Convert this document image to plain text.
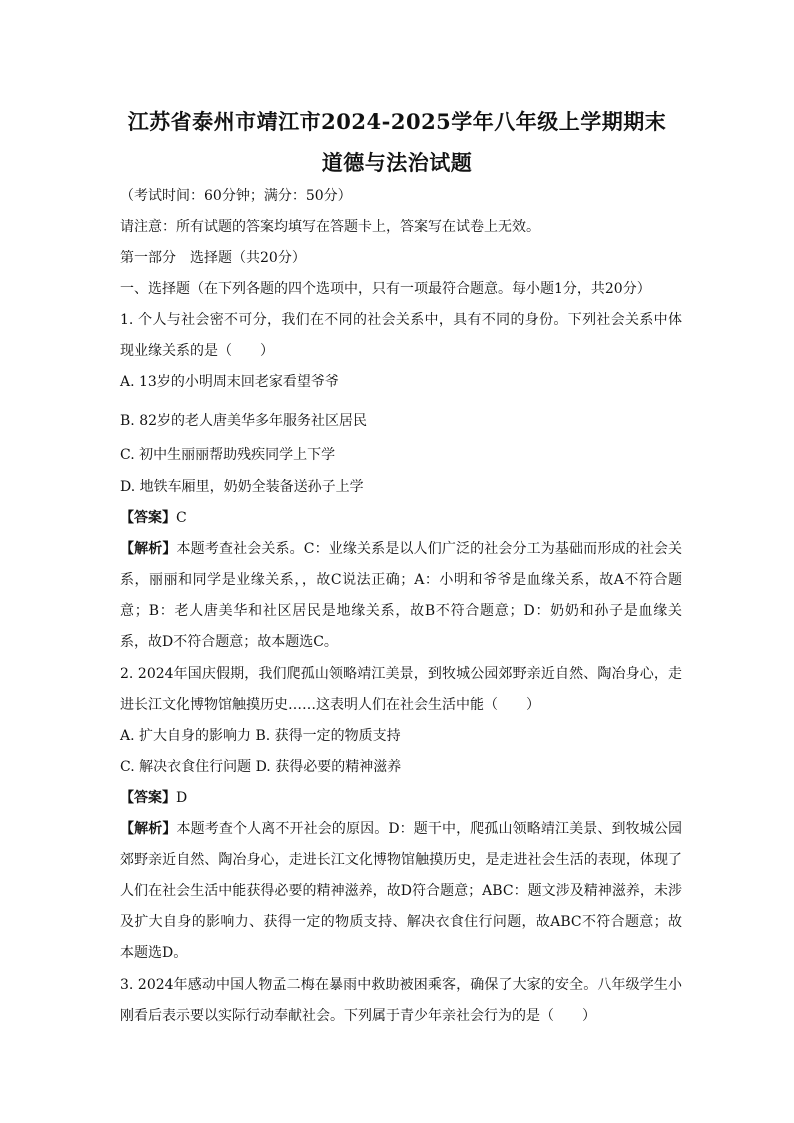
江苏省泰州市靖江市2024-2025学年八年级上学期期末
道德与法治试题
（考试时间：60分钟；满分：50分）
请注意：所有试题的答案均填写在答题卡上，答案写在试卷上无效。
第一部分　选择题（共20分）
一、选择题（在下列各题的四个选项中，只有一项最符合题意。每小题1分，共20分）
1. 个人与社会密不可分，我们在不同的社会关系中，具有不同的身份。下列社会关系中体现业缘关系的是（　　）
A. 13岁的小明周末回老家看望爷爷
B. 82岁的老人唐美华多年服务社区居民
C. 初中生丽丽帮助残疾同学上下学
D. 地铁车厢里，奶奶全装备送孙子上学
【答案】C
【解析】本题考查社会关系。C：业缘关系是以人们广泛的社会分工为基础而形成的社会关系，丽丽和同学是业缘关系，，故C说法正确；A：小明和爷爷是血缘关系，故A不符合题意；B：老人唐美华和社区居民是地缘关系，故B不符合题意；D：奶奶和孙子是血缘关系，故D不符合题意；故本题选C。
2. 2024年国庆假期，我们爬孤山领略靖江美景，到牧城公园郊野亲近自然、陶冶身心，走进长江文化博物馆触摸历史……这表明人们在社会生活中能（　　）
A. 扩大自身的影响力 B. 获得一定的物质支持
C. 解决衣食住行问题 D. 获得必要的精神滋养
【答案】D
【解析】本题考查个人离不开社会的原因。D：题干中，爬孤山领略靖江美景、到牧城公园郊野亲近自然、陶冶身心，走进长江文化博物馆触摸历史，是走进社会生活的表现，体现了人们在社会生活中能获得必要的精神滋养，故D符合题意；ABC：题文涉及精神滋养，未涉及扩大自身的影响力、获得一定的物质支持、解决衣食住行问题，故ABC不符合题意；故本题选D。
3. 2024年感动中国人物孟二梅在暴雨中救助被困乘客，确保了大家的安全。八年级学生小刚看后表示要以实际行动奉献社会。下列属于青少年亲社会行为的是（　　）
